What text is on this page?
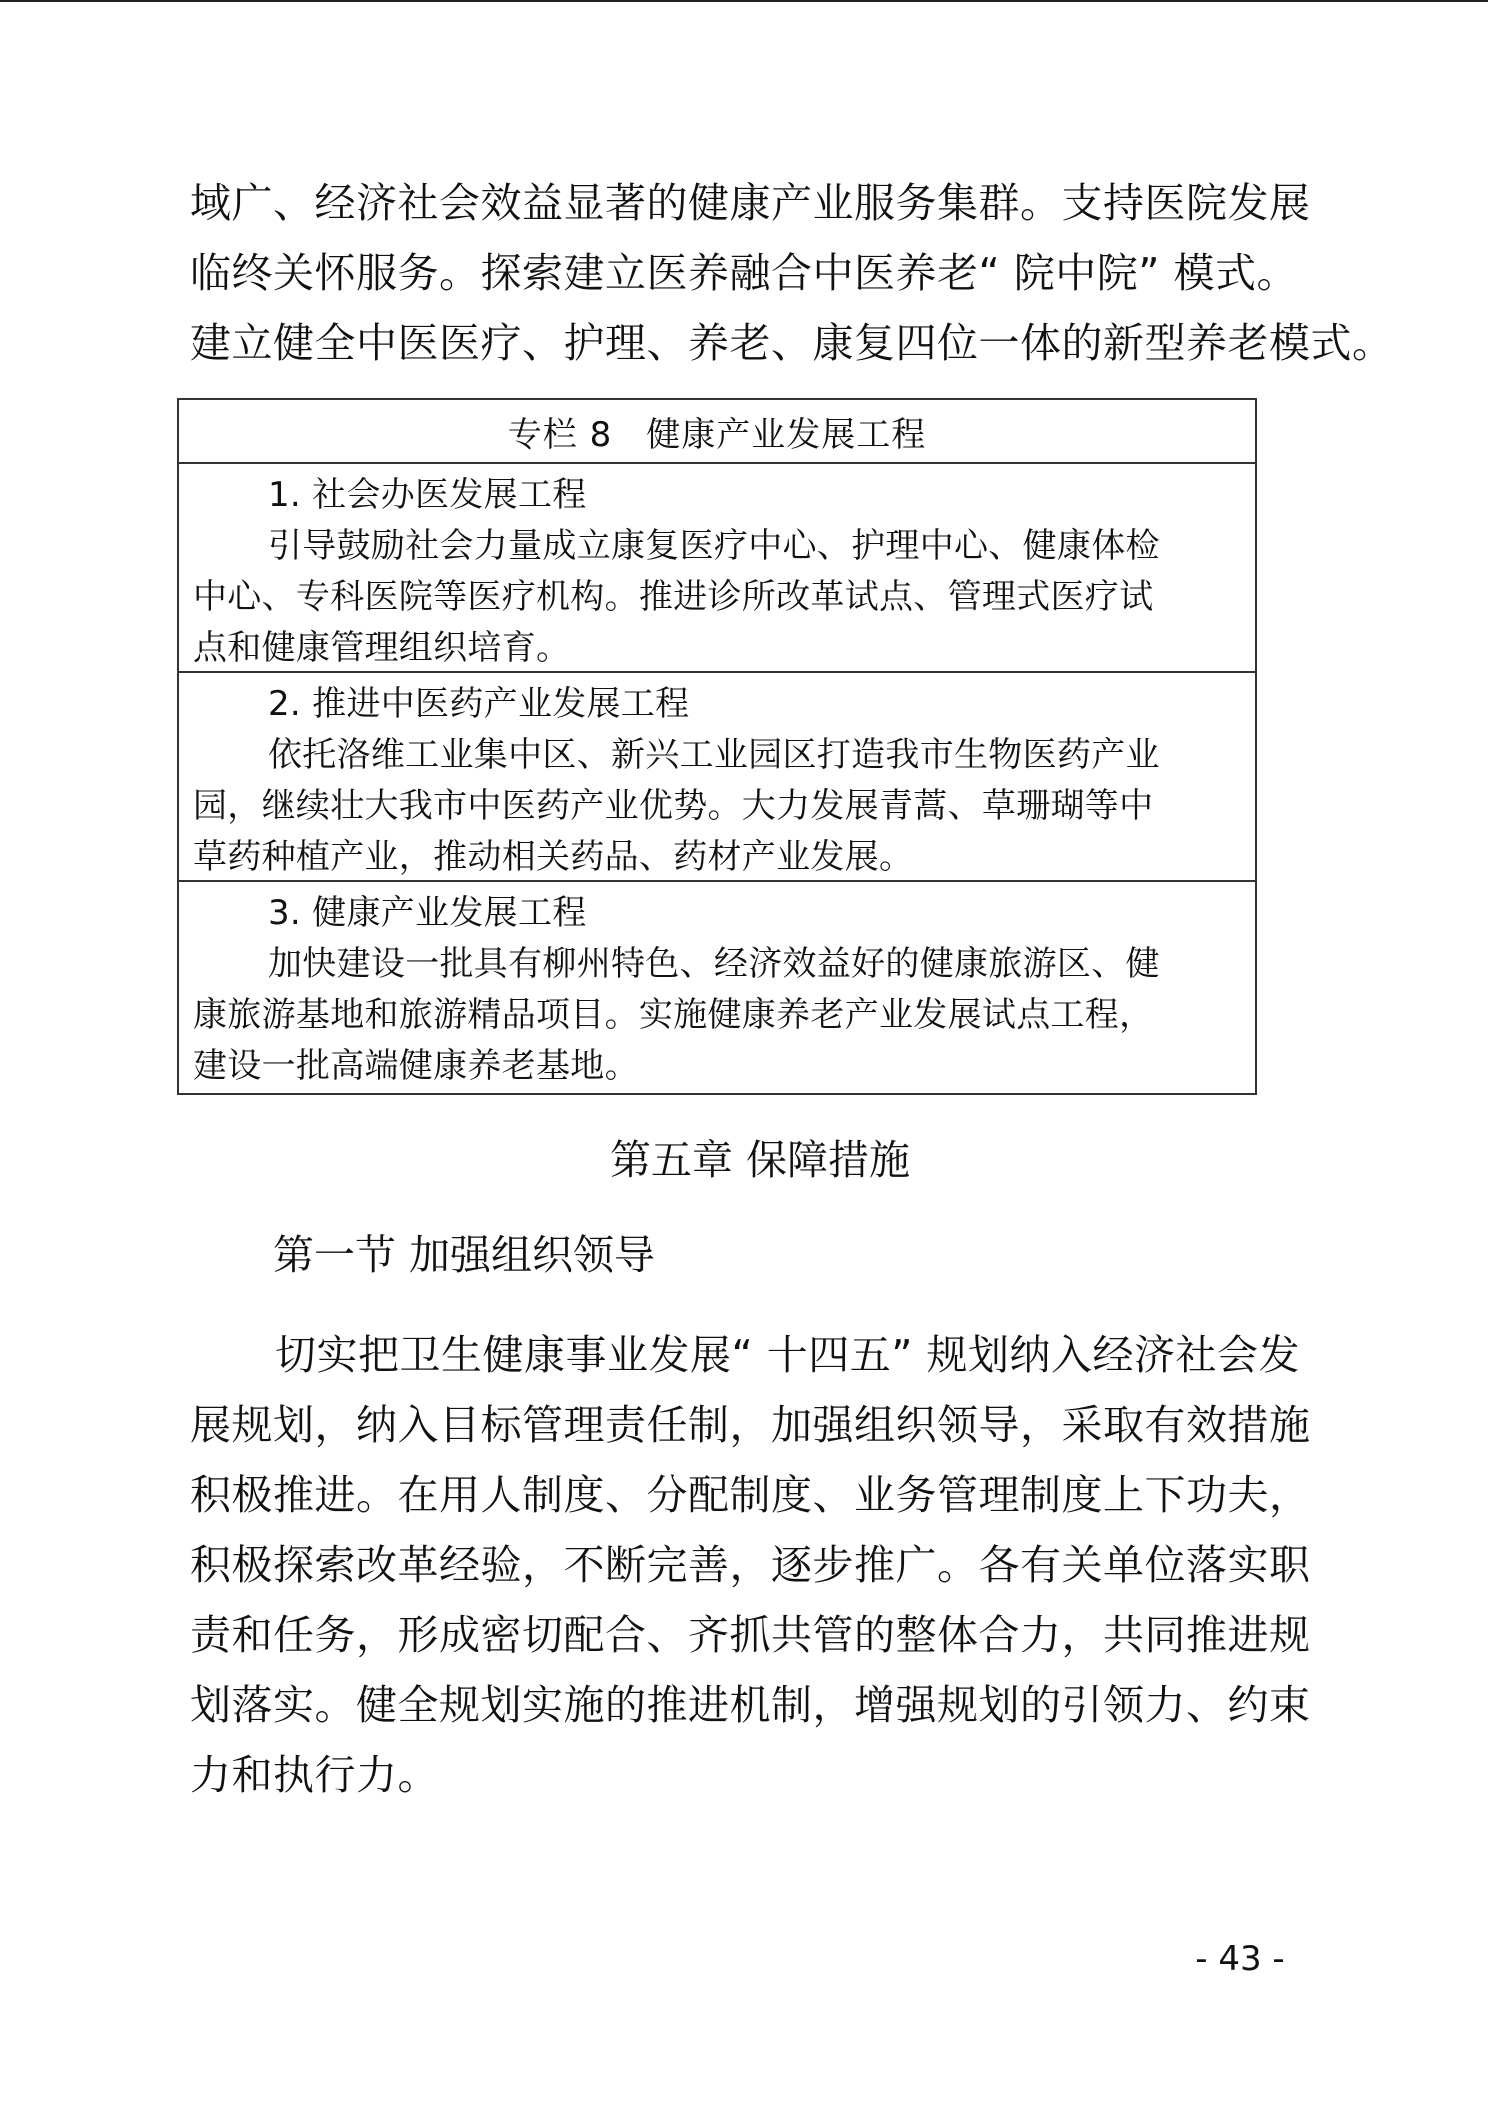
域广、经济社会效益显著的健康产业服务集群。支持医院发展
临终关怀服务。探索建立医养融合中医养老“ 院中院” 模式。
建立健全中医医疗、护理、养老、康复四位一体的新型养老模式。
专栏 8 健康产业发展工程
1. 社会办医发展工程
引导鼓励社会力量成立康复医疗中心、护理中心、健康体检
中心、专科医院等医疗机构。推进诊所改革试点、管理式医疗试
点和健康管理组织培育。
2. 推进中医药产业发展工程
依托洛维工业集中区、新兴工业园区打造我市生物医药产业
园，继续壮大我市中医药产业优势。大力发展青蒿、草珊瑚等中
草药种植产业，推动相关药品、药材产业发展。
3. 健康产业发展工程
加快建设一批具有柳州特色、经济效益好的健康旅游区、健
康旅游基地和旅游精品项目。实施健康养老产业发展试点工程，
建设一批高端健康养老基地。
第五章 保障措施
第一节 加强组织领导
切实把卫生健康事业发展“ 十四五” 规划纳入经济社会发
展规划，纳入目标管理责任制，加强组织领导，采取有效措施
积极推进。在用人制度、分配制度、业务管理制度上下功夫，
积极探索改革经验，不断完善，逐步推广。各有关单位落实职
责和任务，形成密切配合、齐抓共管的整体合力，共同推进规
划落实。健全规划实施的推进机制，增强规划的引领力、约束
力和执行力。
- 43 -
